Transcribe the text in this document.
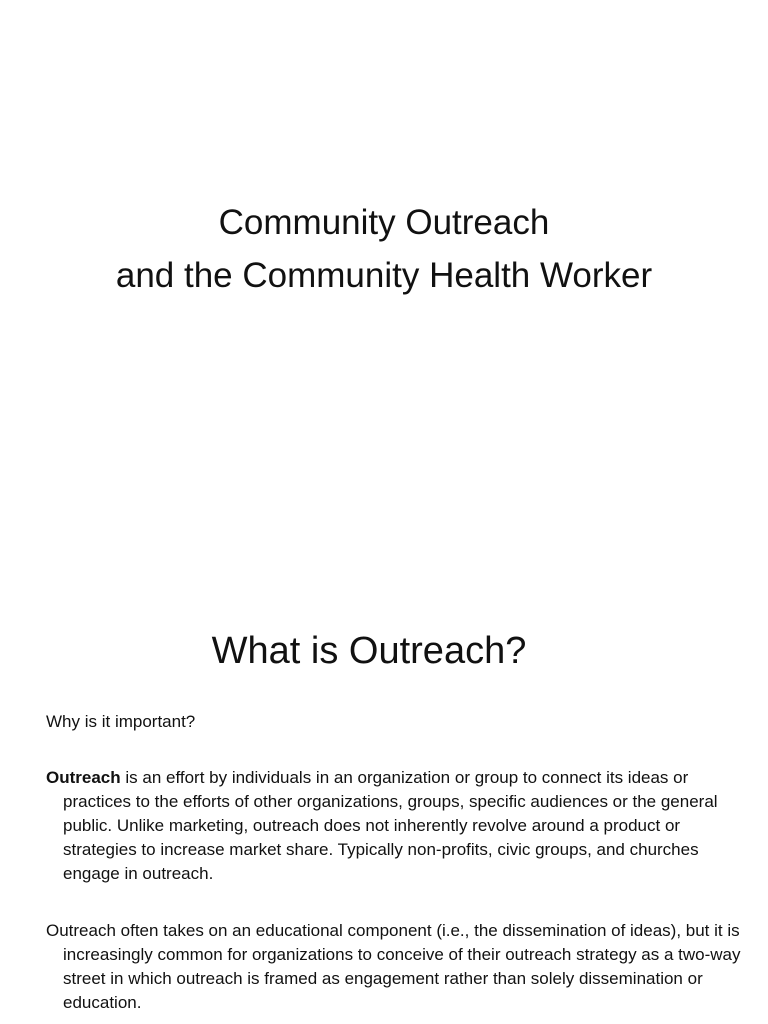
Community Outreach
and the Community Health Worker
What is Outreach?

Why is it important?

Outreach is an effort by individuals in an organization or group to connect its ideas or practices to the efforts of other organizations, groups, specific audiences or the general public. Unlike marketing, outreach does not inherently revolve around a product or strategies to increase market share. Typically non-profits, civic groups, and churches engage in outreach.

Outreach often takes on an educational component (i.e., the dissemination of ideas), but it is increasingly common for organizations to conceive of their outreach strategy as a two-way street in which outreach is framed as engagement rather than solely dissemination or education.
